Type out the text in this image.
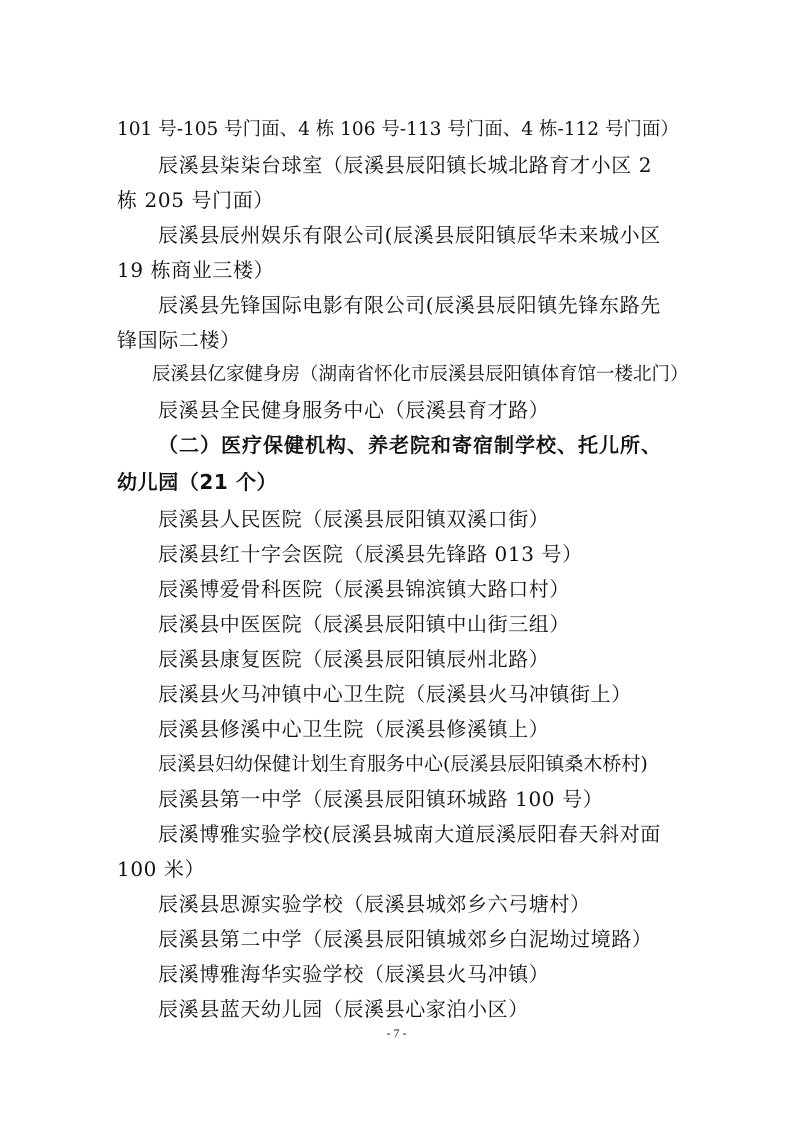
101 号-105 号门面、4 栋 106 号-113 号门面、4 栋-112 号门面）
辰溪县柒柒台球室（辰溪县辰阳镇长城北路育才小区 2
栋 205 号门面）
辰溪县辰州娱乐有限公司(辰溪县辰阳镇辰华未来城小区
19 栋商业三楼）
辰溪县先锋国际电影有限公司(辰溪县辰阳镇先锋东路先
锋国际二楼）
辰溪县亿家健身房（湖南省怀化市辰溪县辰阳镇体育馆一楼北门）
辰溪县全民健身服务中心（辰溪县育才路）
（二）医疗保健机构、养老院和寄宿制学校、托儿所、
幼儿园（21 个）
辰溪县人民医院（辰溪县辰阳镇双溪口街）
辰溪县红十字会医院（辰溪县先锋路 013 号）
辰溪博爱骨科医院（辰溪县锦滨镇大路口村）
辰溪县中医医院（辰溪县辰阳镇中山街三组）
辰溪县康复医院（辰溪县辰阳镇辰州北路）
辰溪县火马冲镇中心卫生院（辰溪县火马冲镇街上）
辰溪县修溪中心卫生院（辰溪县修溪镇上）
辰溪县妇幼保健计划生育服务中心(辰溪县辰阳镇桑木桥村)
辰溪县第一中学（辰溪县辰阳镇环城路 100 号）
辰溪博雅实验学校(辰溪县城南大道辰溪辰阳春天斜对面
100 米）
辰溪县思源实验学校（辰溪县城郊乡六弓塘村）
辰溪县第二中学（辰溪县辰阳镇城郊乡白泥坳过境路）
辰溪博雅海华实验学校（辰溪县火马冲镇）
辰溪县蓝天幼儿园（辰溪县心家泊小区）
- 7 -
